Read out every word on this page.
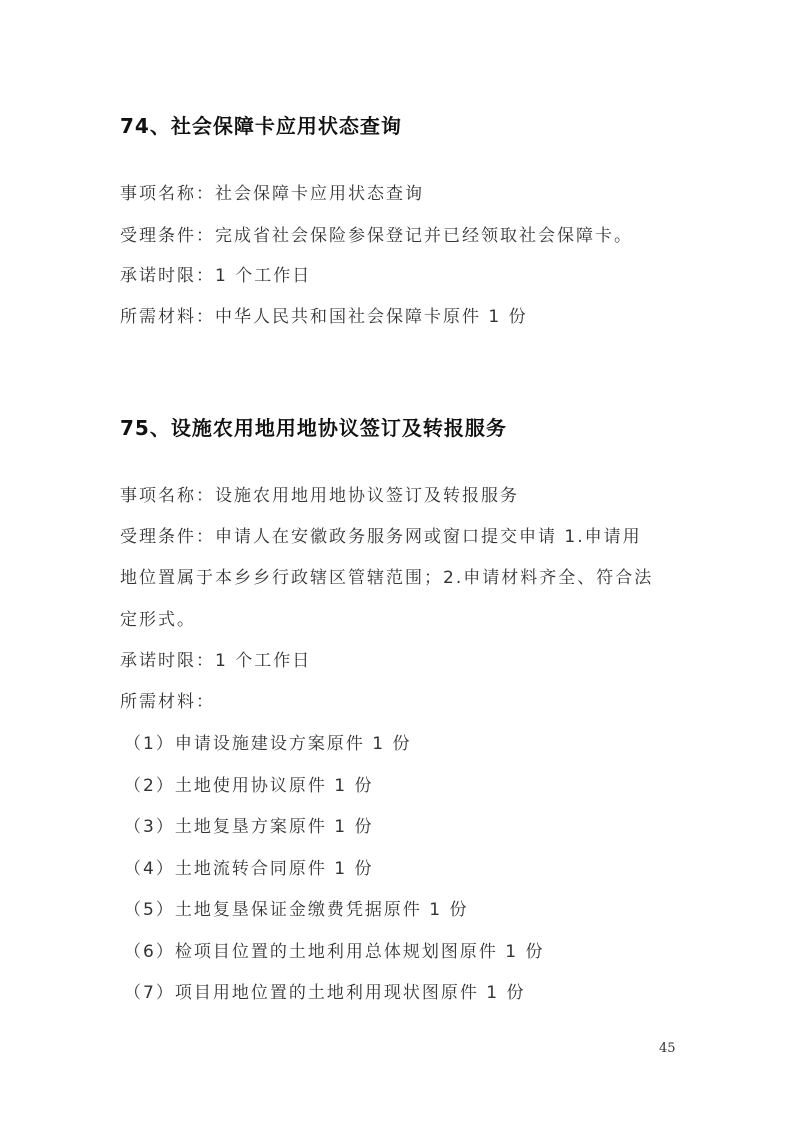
74、社会保障卡应用状态查询
事项名称：社会保障卡应用状态查询
受理条件：完成省社会保险参保登记并已经领取社会保障卡。
承诺时限：1 个工作日
所需材料：中华人民共和国社会保障卡原件 1 份
75、设施农用地用地协议签订及转报服务
事项名称：设施农用地用地协议签订及转报服务
受理条件：申请人在安徽政务服务网或窗口提交申请 1.申请用
地位置属于本乡乡行政辖区管辖范围；2.申请材料齐全、符合法
定形式。
承诺时限：1 个工作日
所需材料：
（1）申请设施建设方案原件 1 份
（2）土地使用协议原件 1 份
（3）土地复垦方案原件 1 份
（4）土地流转合同原件 1 份
（5）土地复垦保证金缴费凭据原件 1 份
（6）检项目位置的土地利用总体规划图原件 1 份
（7）项目用地位置的土地利用现状图原件 1 份
45
